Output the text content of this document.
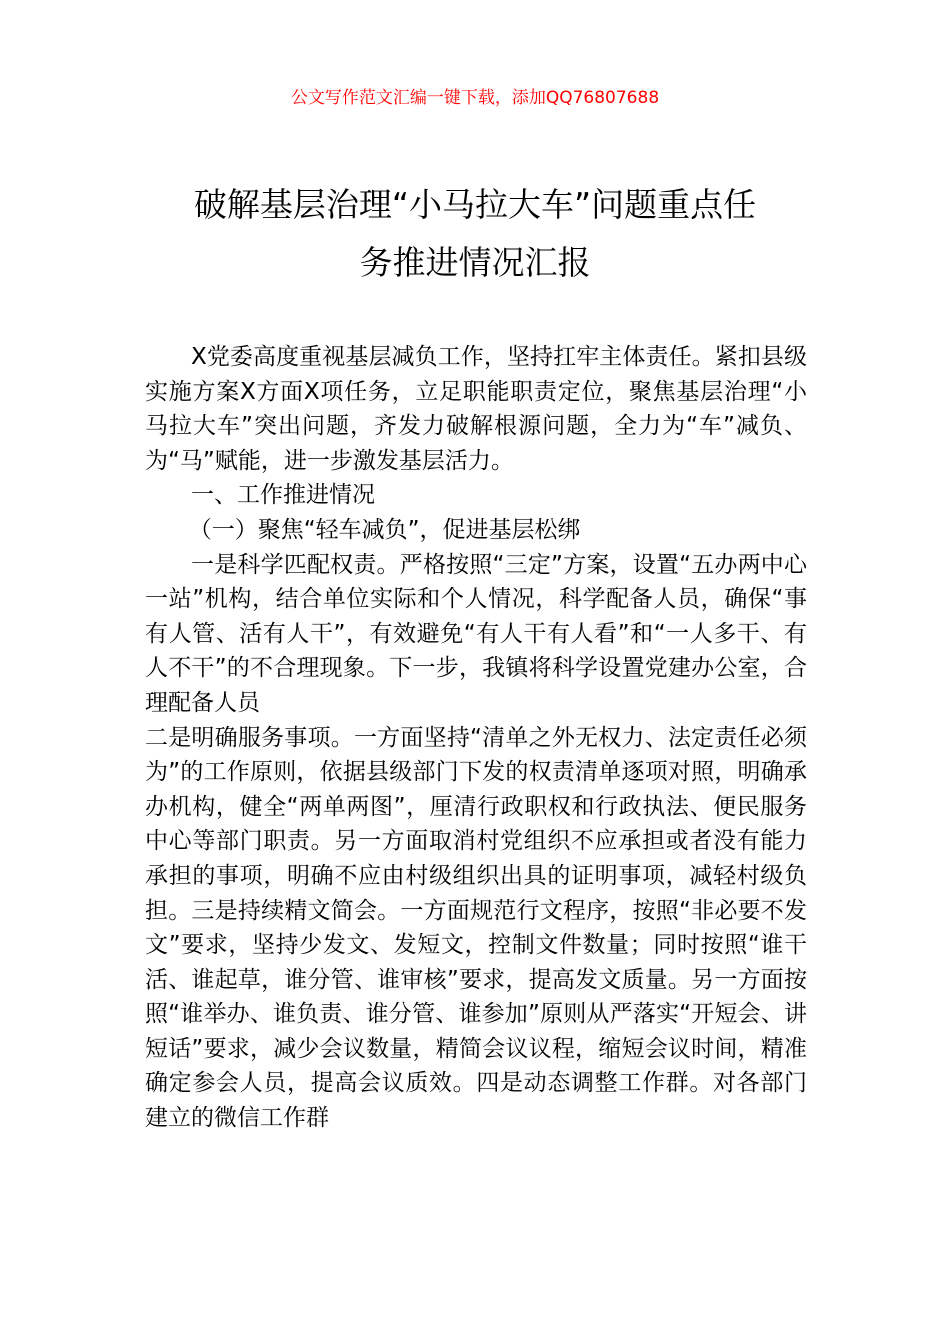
公文写作范文汇编一键下载，添加QQ76807688
破解基层治理“小马拉大车”问题重点任
务推进情况汇报

X党委高度重视基层减负工作，坚持扛牢主体责任。紧扣县级实施方案X方面X项任务，立足职能职责定位，聚焦基层治理“小马拉大车”突出问题，齐发力破解根源问题，全力为“车”减负、为“马”赋能，进一步激发基层活力。

一、工作推进情况

（一）聚焦“轻车减负”，促进基层松绑

一是科学匹配权责。严格按照“三定”方案，设置“五办两中心一站”机构，结合单位实际和个人情况，科学配备人员，确保“事有人管、活有人干”，有效避免“有人干有人看”和“一人多干、有人不干”的不合理现象。下一步，我镇将科学设置党建办公室，合理配备人员

二是明确服务事项。一方面坚持“清单之外无权力、法定责任必须为”的工作原则，依据县级部门下发的权责清单逐项对照，明确承办机构，健全“两单两图”，厘清行政职权和行政执法、便民服务中心等部门职责。另一方面取消村党组织不应承担或者没有能力承担的事项，明确不应由村级组织出具的证明事项，减轻村级负担。三是持续精文简会。一方面规范行文程序，按照“非必要不发文”要求，坚持少发文、发短文，控制文件数量；同时按照“谁干活、谁起草，谁分管、谁审核”要求，提高发文质量。另一方面按照“谁举办、谁负责、谁分管、谁参加”原则从严落实“开短会、讲短话”要求，减少会议数量，精简会议议程，缩短会议时间，精准确定参会人员，提高会议质效。四是动态调整工作群。对各部门建立的微信工作群
